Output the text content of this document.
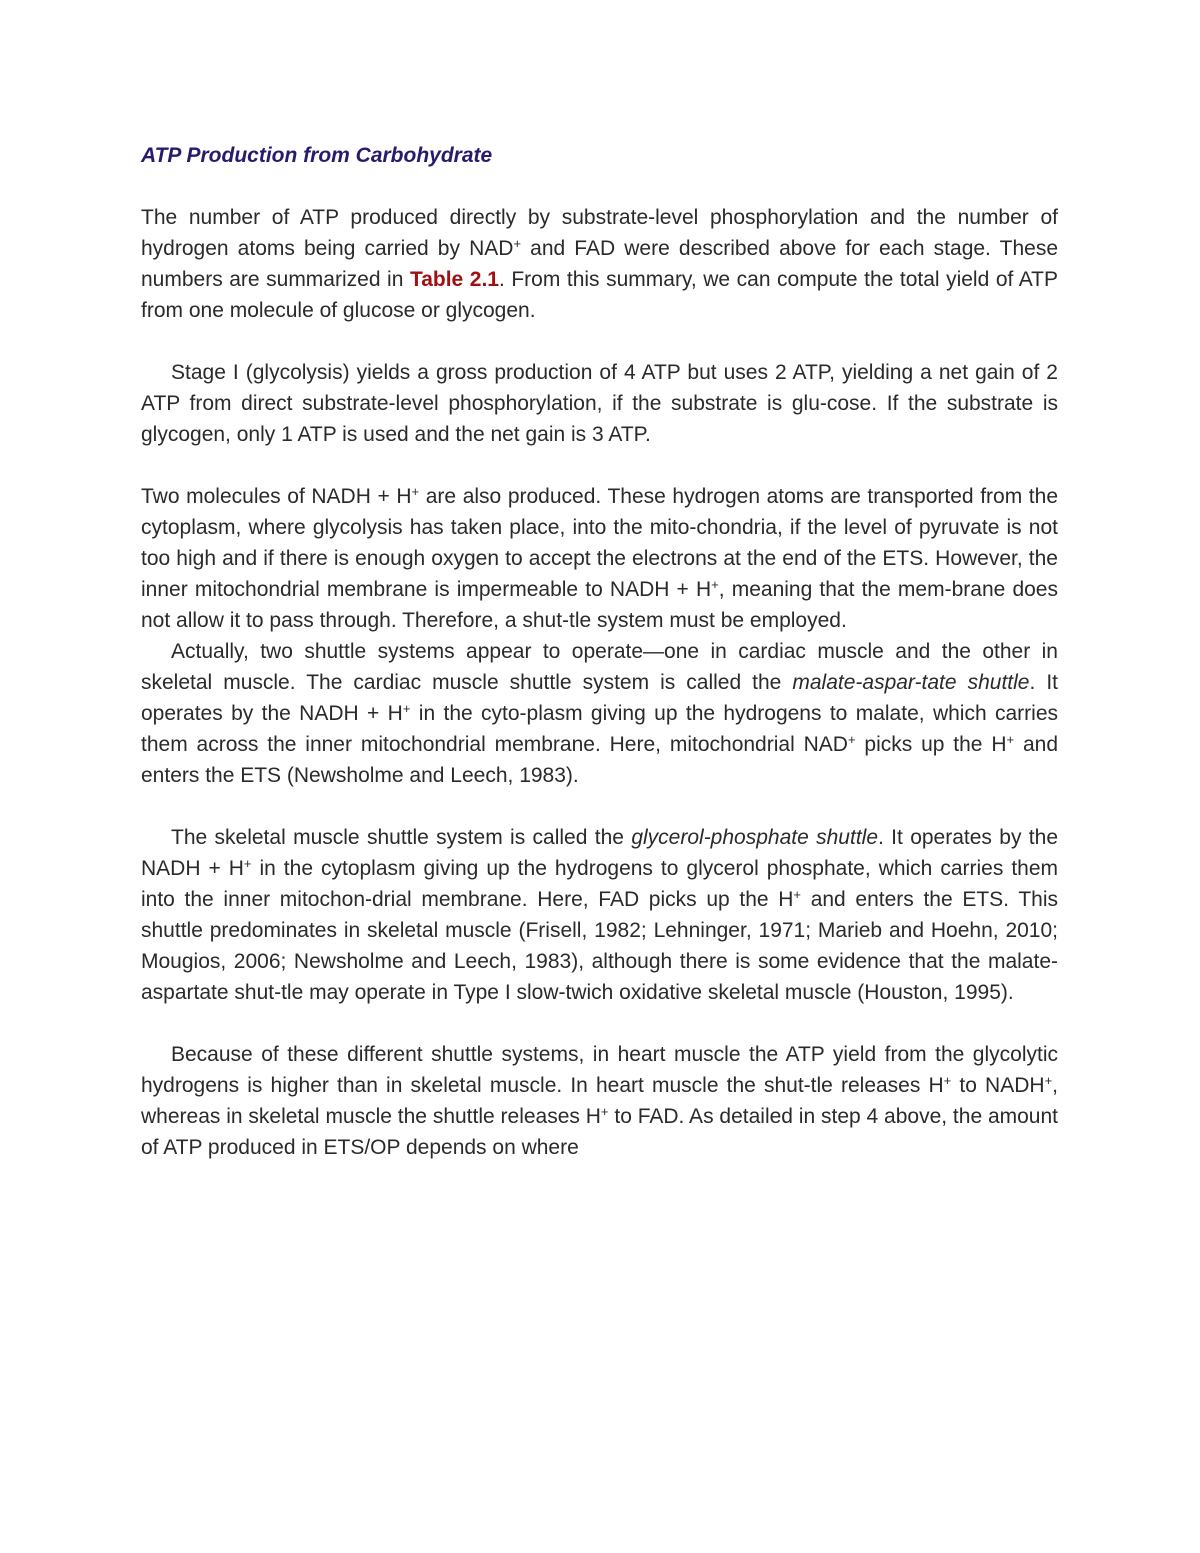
ATP Production from Carbohydrate

The number of ATP produced directly by substrate-level phosphorylation and the number of hydrogen atoms being carried by NAD+ and FAD were described above for each stage. These numbers are summarized in Table 2.1. From this summary, we can compute the total yield of ATP from one molecule of glucose or glycogen.

Stage I (glycolysis) yields a gross production of 4 ATP but uses 2 ATP, yielding a net gain of 2 ATP from direct substrate-level phosphorylation, if the substrate is glu-cose. If the substrate is glycogen, only 1 ATP is used and the net gain is 3 ATP.

Two molecules of NADH + H+ are also produced. These hydrogen atoms are transported from the cytoplasm, where glycolysis has taken place, into the mito-chondria, if the level of pyruvate is not too high and if there is enough oxygen to accept the electrons at the end of the ETS. However, the inner mitochondrial membrane is impermeable to NADH + H+, meaning that the mem-brane does not allow it to pass through. Therefore, a shut-tle system must be employed.

Actually, two shuttle systems appear to operate—one in cardiac muscle and the other in skeletal muscle. The cardiac muscle shuttle system is called the malate-aspar-tate shuttle. It operates by the NADH + H+ in the cyto-plasm giving up the hydrogens to malate, which carries them across the inner mitochondrial membrane. Here, mitochondrial NAD+ picks up the H+ and enters the ETS (Newsholme and Leech, 1983).

The skeletal muscle shuttle system is called the glycerol-phosphate shuttle. It operates by the NADH + H+ in the cytoplasm giving up the hydrogens to glycerol phosphate, which carries them into the inner mitochon-drial membrane. Here, FAD picks up the H+ and enters the ETS. This shuttle predominates in skeletal muscle (Frisell, 1982; Lehninger, 1971; Marieb and Hoehn, 2010; Mougios, 2006; Newsholme and Leech, 1983), although there is some evidence that the malate-aspartate shut-tle may operate in Type I slow-twich oxidative skeletal muscle (Houston, 1995).

Because of these different shuttle systems, in heart muscle the ATP yield from the glycolytic hydrogens is higher than in skeletal muscle. In heart muscle the shut-tle releases H+ to NADH+, whereas in skeletal muscle the shuttle releases H+ to FAD. As detailed in step 4 above, the amount of ATP produced in ETS/OP depends on where
